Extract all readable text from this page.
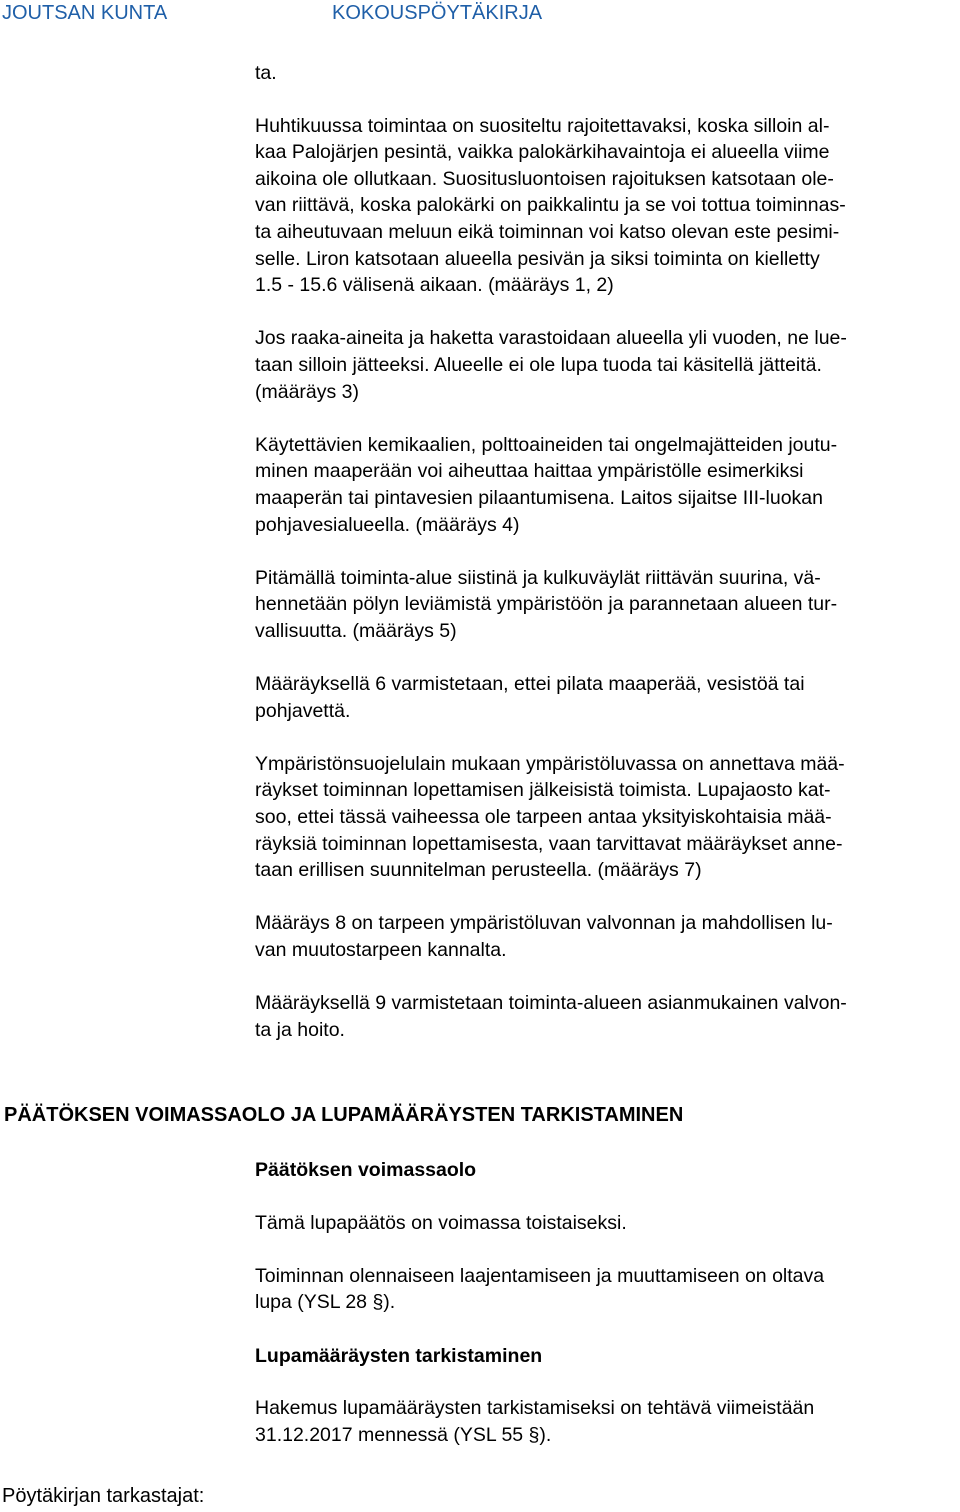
JOUTSAN KUNTA	KOKOUSPÖYTÄKIRJA

ta.

Huhtikuussa toimintaa on suositeltu rajoitettavaksi, koska silloin al-
kaa Palojärjen pesintä, vaikka palokärkihavaintoja ei alueella viime
aikoina ole ollutkaan. Suositusluontoisen rajoituksen katsotaan ole-
van riittävä, koska palokärki on paikkalintu ja se voi tottua toiminnas-
ta aiheutuvaan meluun eikä toiminnan voi katso olevan este pesimi-
selle. Liron katsotaan alueella pesivän ja siksi toiminta on kielletty
1.5 - 15.6 välisenä aikaan. (määräys 1, 2)

Jos raaka-aineita ja haketta varastoidaan alueella yli vuoden, ne lue-
taan silloin jätteeksi. Alueelle ei ole lupa tuoda tai käsitellä jätteitä.
(määräys 3)

Käytettävien kemikaalien, polttoaineiden tai ongelmajätteiden joutu-
minen maaperään voi aiheuttaa haittaa ympäristölle esimerkiksi
maaperän tai pintavesien pilaantumisena. Laitos sijaitse III-luokan
pohjavesialueella. (määräys 4)

Pitämällä toiminta-alue siistinä ja kulkuväylät riittävän suurina, vä-
hennetään pölyn leviämistä ympäristöön ja parannetaan alueen tur-
vallisuutta. (määräys 5)

Määräyksellä 6 varmistetaan, ettei pilata maaperää, vesistöä tai
pohjavettä.

Ympäristönsuojelulain mukaan ympäristöluvassa on annettava mää-
räykset toiminnan lopettamisen jälkeisistä toimista. Lupajaosto kat-
soo, ettei tässä vaiheessa ole tarpeen antaa yksityiskohtaisia mää-
räyksiä toiminnan lopettamisesta, vaan tarvittavat määräykset anne-
taan erillisen suunnitelman perusteella. (määräys 7)

Määräys 8 on tarpeen ympäristöluvan valvonnan ja mahdollisen lu-
van muutostarpeen kannalta.

Määräyksellä 9 varmistetaan toiminta-alueen asianmukainen valvon-
ta ja hoito.

PÄÄTÖKSEN VOIMASSAOLO JA LUPAMÄÄRÄYSTEN TARKISTAMINEN
Päätöksen voimassaolo

Tämä lupapäätös on voimassa toistaiseksi.

Toiminnan olennaiseen laajentamiseen ja muuttamiseen on oltava
lupa (YSL 28 §).

Lupamääräysten tarkistaminen

Hakemus lupamääräysten tarkistamiseksi on tehtävä viimeistään
31.12.2017 mennessä (YSL 55 §).

Pöytäkirjan tarkastajat:
